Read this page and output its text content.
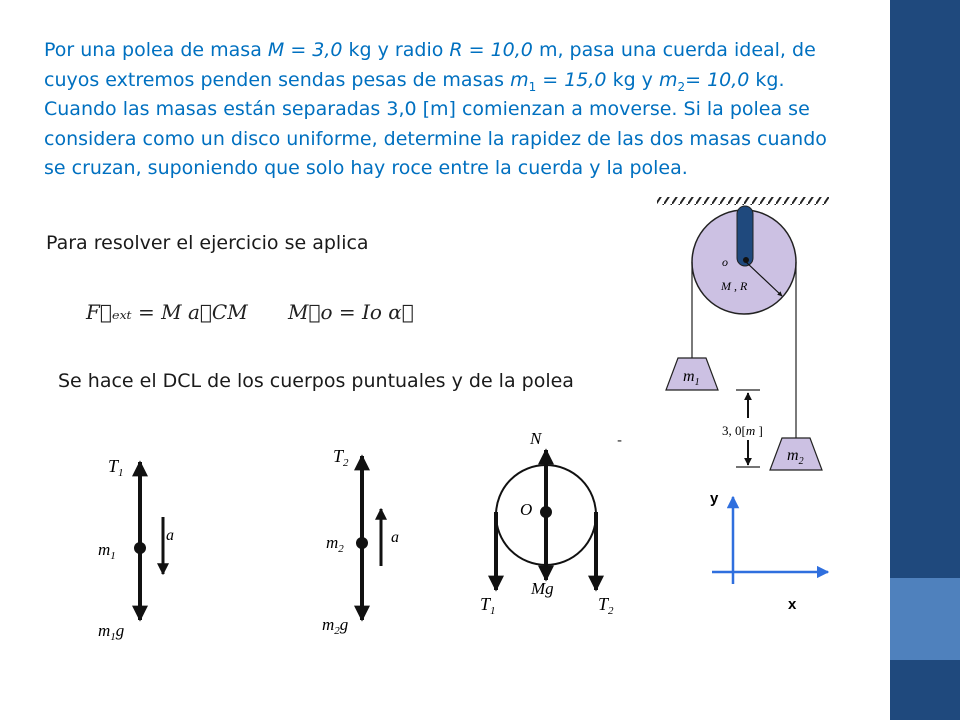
Por una polea de masa M = 3,0 kg y radio R = 10,0 m, pasa una cuerda ideal, de
cuyos extremos penden sendas pesas de masas $m_1 = 15,0$ kg y $m_2= 10,0$ kg.
Cuando las masas están separadas 3,0 [m] comienzan a moverse. Si la polea se
considera como un disco uniforme, determine la rapidez de las dos masas cuando
se cruzan, suponiendo que solo hay roce entre la cuerda y la polea.

Para resolver el ejercicio se aplica

F⃗ₑₓₜ = M a⃗CM M⃗o = Io α⃗

Se hace el DCL de los cuerpos puntuales y de la polea

$T_1$
$m_1$
a
$m_1g$
$T_2$
$m_2$
a
$m_2g$
N
O
Mg
$T_1$	$T_2$
-
o
M , R
$m_1$
$m_2$
3, 0[m ]
y
x
